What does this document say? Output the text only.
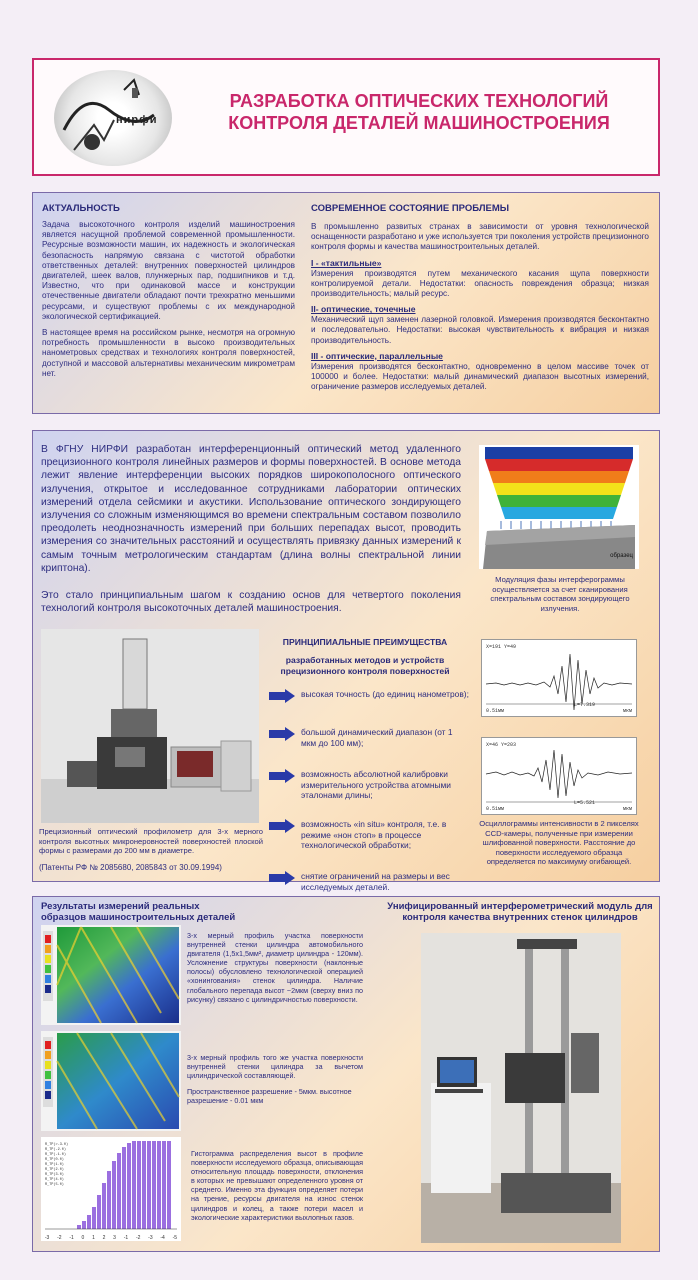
нирфи
РАЗРАБОТКА ОПТИЧЕСКИХ ТЕХНОЛОГИЙ
КОНТРОЛЯ ДЕТАЛЕЙ МАШИНОСТРОЕНИЯ
АКТУАЛЬНОСТЬ

Задача высокоточного контроля изделий машиностроения является насущной проблемой современной промышленности. Ресурсные возможности машин, их надежность и экологическая безопасность напрямую связана с чистотой обработки ответственных деталей: внутренних поверхностей цилиндров двигателей, шеек валов, плунжерных пар, подшипников и т.д. Известно, что при одинаковой массе и конструкции отечественные двигатели обладают почти трехкратно меньшими ресурсами, и существуют проблемы с их международной экологической сертификацией.

В настоящее время на российском рынке, несмотря на огромную потребность промышленности в высоко производительных нанометровых средствах и технологиях контроля поверхностей, доступной и массовой альтернативы механическим микрометрам нет.

СОВРЕМЕННОЕ СОСТОЯНИЕ ПРОБЛЕМЫ

В промышленно развитых странах в зависимости от уровня технологической оснащенности разработано и уже используется три поколения устройств прецизионного контроля формы и качества машиностроительных деталей.

I - «тактильные»

Измерения производятся путем механического касания щупа поверхности контролируемой детали. Недостатки: опасность повреждения образца; низкая производительность; малый ресурс.

II- оптические, точечные

Механический щуп заменен лазерной головкой. Измерения производятся бесконтактно и последовательно. Недостатки: высокая чувствительность к вибрация и низкая производительность.

III - оптические, параллельные

Измерения производятся бесконтактно, одновременно в целом массиве точек от 100000 и более. Недостатки: малый динамический диапазон высотных измерений, ограничение размеров исследуемых деталей.

В ФГНУ НИРФИ разработан интерференционный оптический метод удаленного прецизионного контроля линейных размеров и формы поверхностей. В основе метода лежит явление интерференции высоких порядков широкополосного оптического излучения, открытое и исследованное сотрудниками лаборатории оптических измерений отдела сейсмики и акустики. Использование оптического зондирующего излучения со сложным изменяющимся во времени спектральным составом позволило преодолеть неоднозначность измерений при больших перепадах высот, проводить измерения со значительных расстояний и осуществлять привязку данных измерений к самым точным метрологическим стандартам (длина волны спектральной линии криптона).

Это стало принципиальным шагом к созданию основ для четвертого поколения технологий контроля высокоточных деталей машиностроения.

образец
Модуляция фазы интерферограммы осуществляется за счет сканирования спектральным составом зондирующего излучения.
Прецизионный оптический профилометр для 3-х мерного контроля высотных микронеровностей поверхностей плоской формы с размерами до 200 мм в диаметре.
(Патенты РФ № 2085680, 2085843 от 30.09.1994)
ПРИНЦИПИАЛЬНЫЕ ПРЕИМУЩЕСТВА
разработанных методов и устройств прецизионного контроля поверхностей
высокая точность (до единиц нанометров);
большой динамический диапазон (от 1 мкм до 100 мм);
возможность абсолютной калибровки измерительного устройства атомными эталонами длины;
возможность «in situ» контроля, т.е. в режиме «нон стоп» в процессе технологической обработки;
снятие ограничений на размеры и вес исследуемых деталей.
X=191 Y=49
0.51мм
L=7.319
мкм
X=46 Y=203
0.51мм
L=5.521
мкм
Осциллограммы интенсивности в 2 пикселях CCD-камеры, полученные при измерении шлифованной поверхности. Расстояние до поверхности исследуемого образца определяется по максимуму огибающей.
Результаты измерений реальных образцов машиностроительных деталей
Унифицированный интерферометрический модуль для контроля качества внутренних стенок цилиндров

3-х мерный профиль участка поверхности внутренней стенки цилиндра автомобильного двигателя (1,5х1,5мм², диаметр цилиндра - 120мм). Усложнение структуры поверхности (наклонные полосы) обусловлено технологической операцией «хонингования» стенок цилиндра. Наличие глобального перепада высот ~2мкм (сверху вниз по рисунку) связано с цилиндричностью поверхности.

3-х мерный профиль того же участка поверхности внутренней стенки цилиндра за вычетом цилиндрической составляющей.

Пространственное разрешение - 5мкм. высотное разрешение - 0.01 мкм

R_TP(>-3.0)
R_TP(-2.0)
R_TP(-1.0)
R_TP(0.0)
R_TP(1.0)
R_TP(2.0)
R_TP(3.0)
R_TP(4.0)
R_TP(5.0)
-3 -2 -1 0 1 2 3 -1 -2 -3 -4 -5

Гистограмма распределения высот в профиле поверхности исследуемого образца, описывающая относительную площадь поверхности, отклонения в которых не превышают определенного уровня от среднего. Именно эта функция определяет потери на трение, ресурсы двигателя на износ стенок цилиндров и колец, а также потери масел и экологические характеристики выхлопных газов.
